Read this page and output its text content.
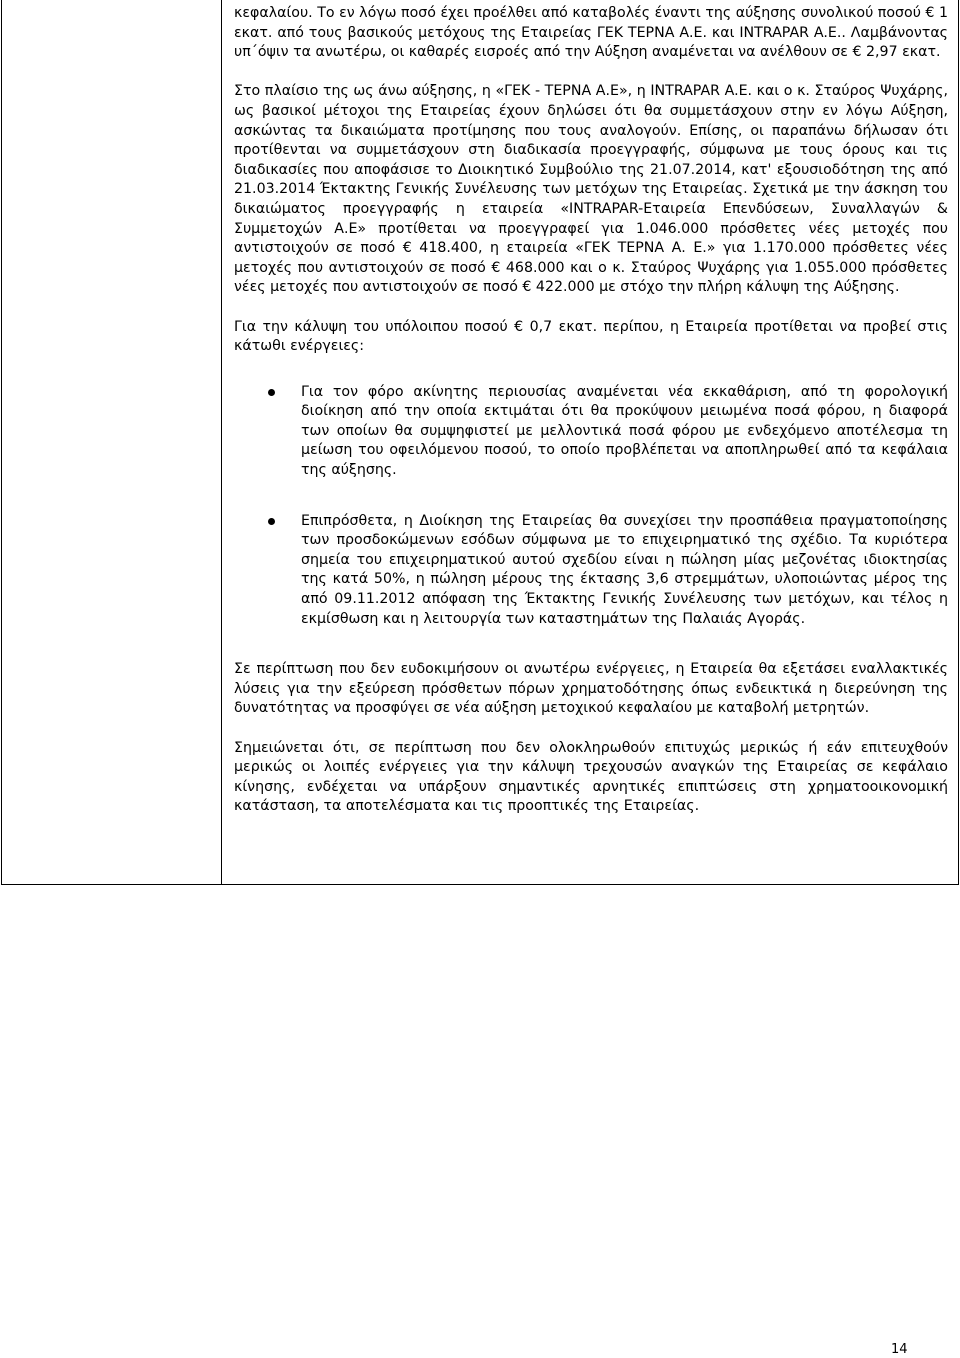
κεφαλαίου. Το εν λόγω ποσό έχει προέλθει από καταβολές έναντι της αύξησης συνολικού ποσού € 1 εκατ. από τους βασικούς μετόχους της Εταιρείας ΓΕΚ ΤΕΡΝΑ Α.Ε. και INTRAPAR A.E.. Λαμβάνοντας υπ΄όψιν τα ανωτέρω, οι καθαρές εισροές από την Αύξηση αναμένεται να ανέλθουν σε € 2,97 εκατ.

Στο πλαίσιο της ως άνω αύξησης, η «ΓΕΚ - ΤΕΡΝΑ Α.Ε», η INTRAPAR A.E. και ο κ. Σταύρος Ψυχάρης, ως βασικοί μέτοχοι της Εταιρείας έχουν δηλώσει ότι θα συμμετάσχουν στην εν λόγω Αύξηση, ασκώντας τα δικαιώματα προτίμησης που τους αναλογούν. Επίσης, οι παραπάνω δήλωσαν ότι προτίθενται να συμμετάσχουν στη διαδικασία προεγγραφής, σύμφωνα με τους όρους και τις διαδικασίες που αποφάσισε το Διοικητικό Συμβούλιο της 21.07.2014, κατ' εξουσιοδότηση της από 21.03.2014 Έκτακτης Γενικής Συνέλευσης των μετόχων της Εταιρείας. Σχετικά με την άσκηση του δικαιώματος προεγγραφής η εταιρεία «INTRAPAR-Εταιρεία Επενδύσεων, Συναλλαγών & Συμμετοχών Α.Ε» προτίθεται να προεγγραφεί για 1.046.000 πρόσθετες νέες μετοχές που αντιστοιχούν σε ποσό € 418.400, η εταιρεία «ΓΕΚ ΤΕΡΝΑ Α. Ε.» για 1.170.000 πρόσθετες νέες μετοχές που αντιστοιχούν σε ποσό € 468.000 και ο κ. Σταύρος Ψυχάρης για 1.055.000 πρόσθετες νέες μετοχές που αντιστοιχούν σε ποσό € 422.000 με στόχο την πλήρη κάλυψη της Αύξησης.

Για την κάλυψη του υπόλοιπου ποσού € 0,7 εκατ. περίπου, η Εταιρεία προτίθεται να προβεί στις κάτωθι ενέργειες:

Για τον φόρο ακίνητης περιουσίας αναμένεται νέα εκκαθάριση, από τη φορολογική διοίκηση από την οποία εκτιμάται ότι θα προκύψουν μειωμένα ποσά φόρου, η διαφορά των οποίων θα συμψηφιστεί με μελλοντικά ποσά φόρου με ενδεχόμενο αποτέλεσμα τη μείωση του οφειλόμενου ποσού, το οποίο προβλέπεται να αποπληρωθεί από τα κεφάλαια της αύξησης.
Επιπρόσθετα, η Διοίκηση της Εταιρείας θα συνεχίσει την προσπάθεια πραγματοποίησης των προσδοκώμενων εσόδων σύμφωνα με το επιχειρηματικό της σχέδιο. Τα κυριότερα σημεία του επιχειρηματικού αυτού σχεδίου είναι η πώληση μίας μεζονέτας ιδιοκτησίας της κατά 50%, η πώληση μέρους της έκτασης 3,6 στρεμμάτων, υλοποιώντας μέρος της από 09.11.2012 απόφαση της Έκτακτης Γενικής Συνέλευσης των μετόχων, και τέλος η εκμίσθωση και η λειτουργία των καταστημάτων της Παλαιάς Αγοράς.

Σε περίπτωση που δεν ευδοκιμήσουν οι ανωτέρω ενέργειες, η Εταιρεία θα εξετάσει εναλλακτικές λύσεις για την εξεύρεση πρόσθετων πόρων χρηματοδότησης όπως ενδεικτικά η διερεύνηση της δυνατότητας να προσφύγει σε νέα αύξηση μετοχικού κεφαλαίου με καταβολή μετρητών.

Σημειώνεται ότι, σε περίπτωση που δεν ολοκληρωθούν επιτυχώς μερικώς ή εάν επιτευχθούν μερικώς οι λοιπές ενέργειες για την κάλυψη τρεχουσών αναγκών της Εταιρείας σε κεφάλαιο κίνησης, ενδέχεται να υπάρξουν σημαντικές αρνητικές επιπτώσεις στη χρηματοοικονομική κατάσταση, τα αποτελέσματα και τις προοπτικές της Εταιρείας.

14
